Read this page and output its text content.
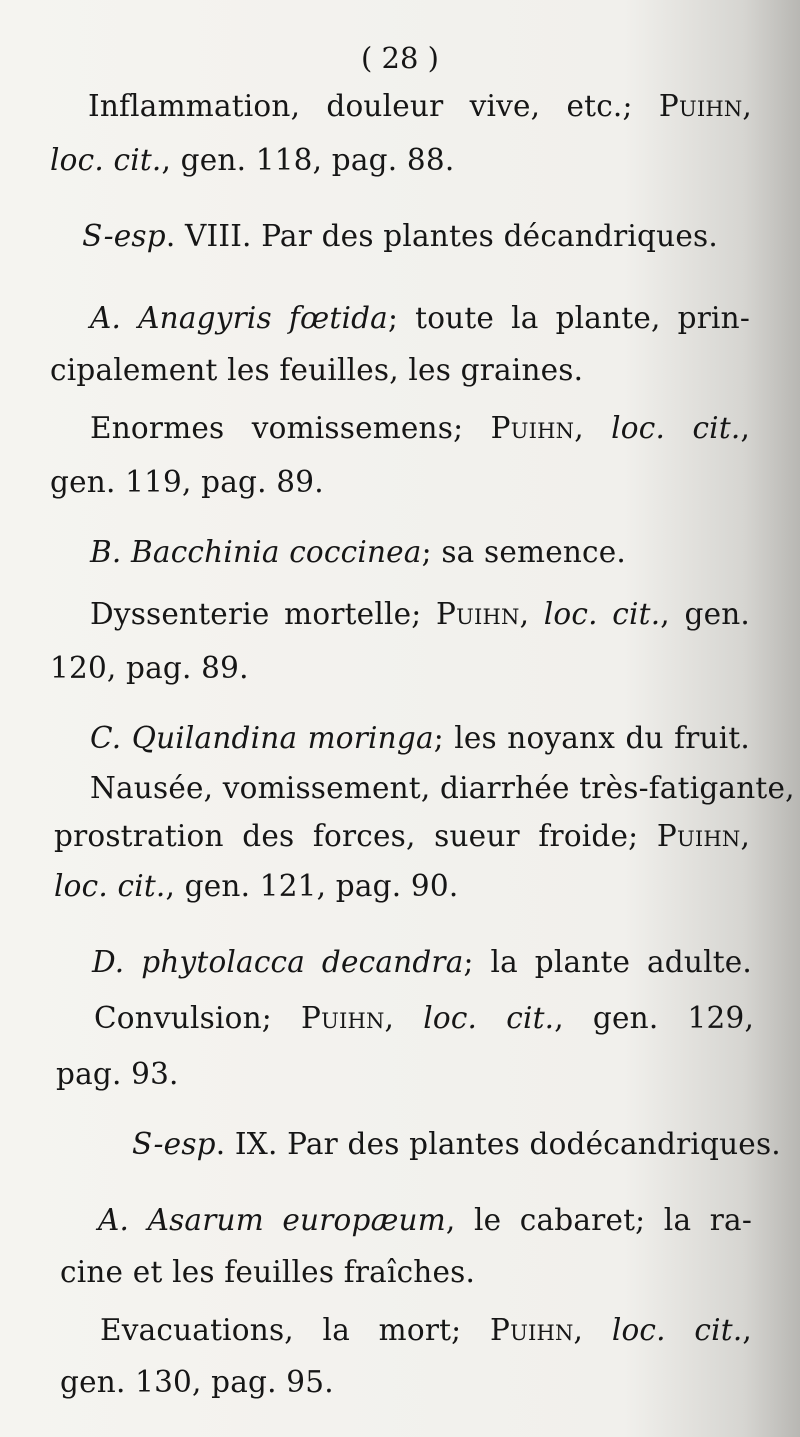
( 28 )
Inflammation, douleur vive, etc.; Puihn,
loc. cit., gen. 118, pag. 88.
S-esp. VIII. Par des plantes décandriques.
A. Anagyris fœtida; toute la plante, prin-
cipalement les feuilles, les graines.
Enormes vomissemens; Puihn, loc. cit.,
gen. 119, pag. 89.
B. Bacchinia coccinea; sa semence.
Dyssenterie mortelle; Puihn, loc. cit., gen.
120, pag. 89.
C. Quilandina moringa; les noyanx du fruit.
Nausée, vomissement, diarrhée très-fatigante,
prostration des forces, sueur froide; Puihn,
loc. cit., gen. 121, pag. 90.
D. phytolacca decandra; la plante adulte.
Convulsion; Puihn, loc. cit., gen. 129,
pag. 93.
S-esp. IX. Par des plantes dodécandriques.
A. Asarum europæum, le cabaret; la ra-
cine et les feuilles fraîches.
Evacuations, la mort; Puihn, loc. cit.,
gen. 130, pag. 95.
